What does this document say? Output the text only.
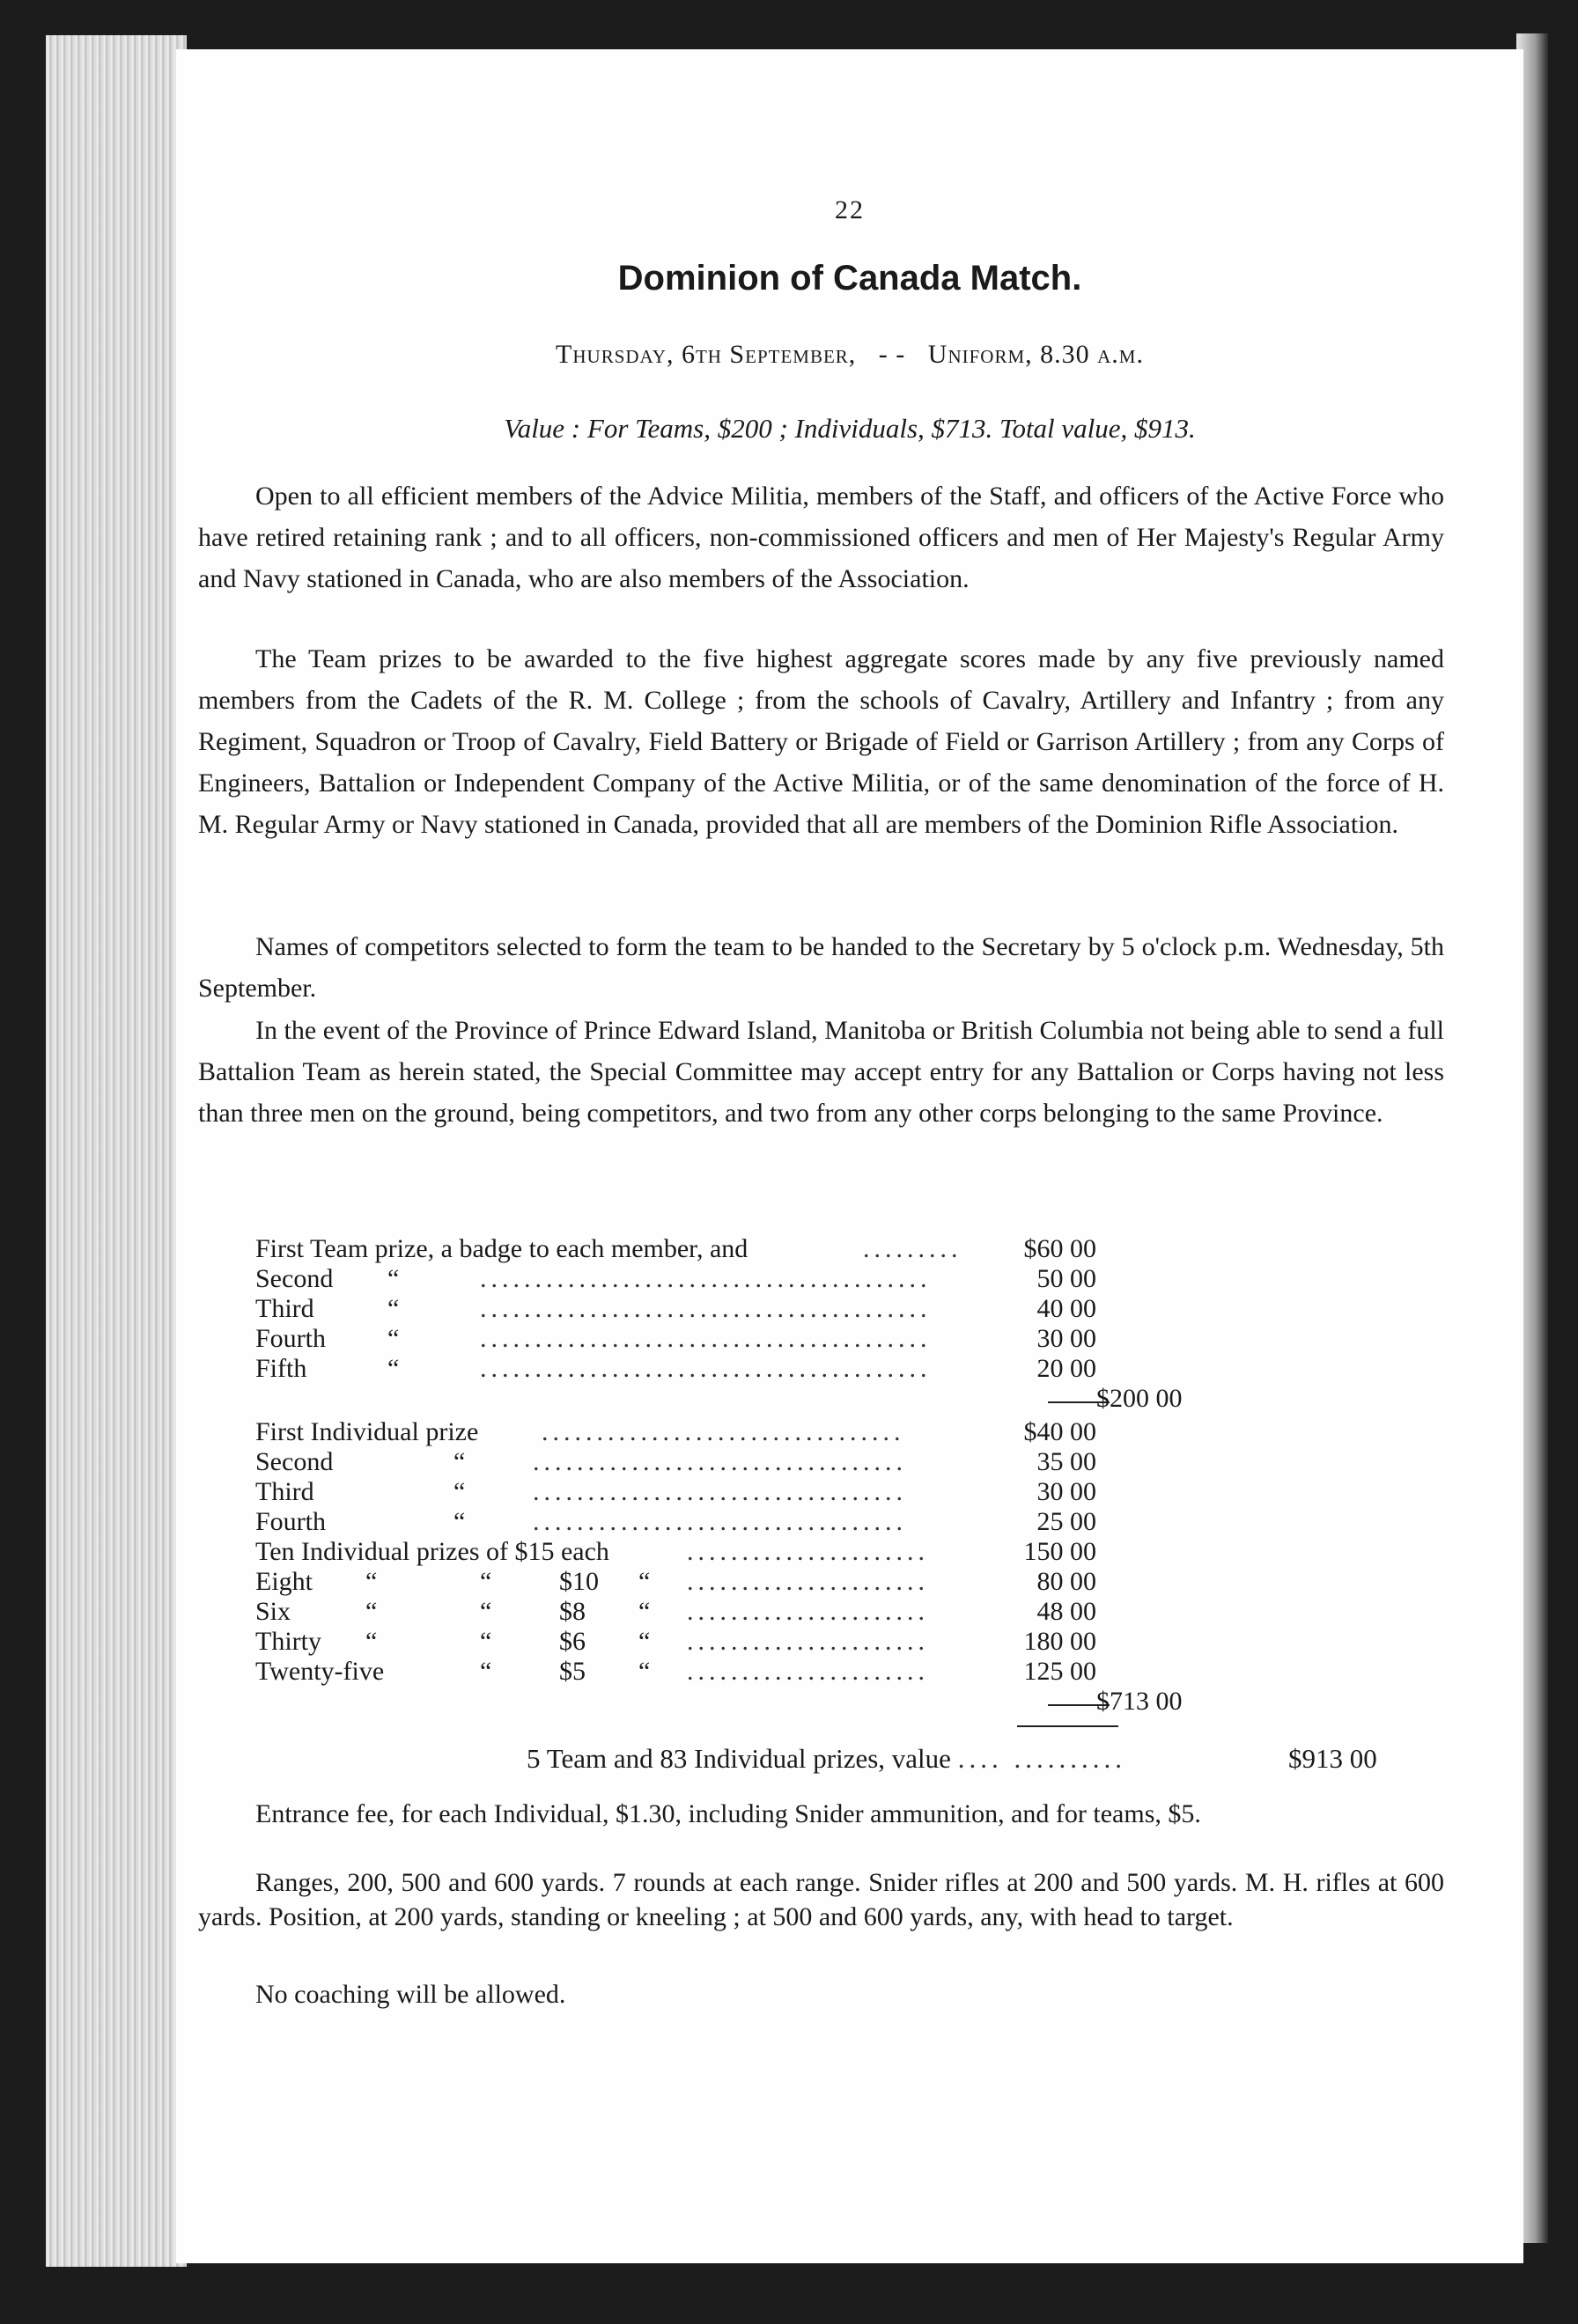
22
Dominion of Canada Match.
Thursday, 6th September, - - Uniform, 8.30 a.m.
Value : For Teams, $200 ; Individuals, $713. Total value, $913.

Open to all efficient members of the Advice Militia, members of the Staff, and officers of the Active Force who have retired retaining rank ; and to all officers, non-commissioned officers and men of Her Majesty's Regular Army and Navy stationed in Canada, who are also members of the Association.

The Team prizes to be awarded to the five highest aggregate scores made by any five previously named members from the Cadets of the R. M. College ; from the schools of Cavalry, Artillery and Infantry ; from any Regiment, Squadron or Troop of Cavalry, Field Battery or Brigade of Field or Garrison Artillery ; from any Corps of Engineers, Battalion or Independent Company of the Active Militia, or of the same denomination of the force of H. M. Regular Army or Navy stationed in Canada, provided that all are members of the Dominion Rifle Association.

Names of competitors selected to form the team to be handed to the Secretary by 5 o'clock p.m. Wednesday, 5th September.

In the event of the Province of Prince Edward Island, Manitoba or British Columbia not being able to send a full Battalion Team as herein stated, the Special Committee may accept entry for any Battalion or Corps having not less than three men on the ground, being competitors, and two from any other corps belonging to the same Province.

First Team prize, a badge to each member, and	.........	$60 00
Second “	.........................................	50 00
Third	“	.........................................	40 00
Fourth “	.........................................	30 00
Fifth	“	.........................................	20 00
$200 00
First Individual prize .................................	$40 00
Second	“	..................................	35 00
Third	“	..................................	30 00
Fourth	“	..................................	25 00
Ten Individual prizes of $15 each	......................	150 00
Eight “	“	$10 “ ......................	80 00
Six	“	“	$8 “ ......................	48 00
Thirty “	“	$6 “ ......................	180 00
Twenty-five	“	$5 “ ......................	125 00
$713 00
5 Team and 83 Individual prizes, value .... ..........	$913 00

Entrance fee, for each Individual, $1.30, including Snider ammunition, and for teams, $5.

Ranges, 200, 500 and 600 yards. 7 rounds at each range. Snider rifles at 200 and 500 yards. M. H. rifles at 600 yards. Position, at 200 yards, standing or kneeling ; at 500 and 600 yards, any, with head to target.

No coaching will be allowed.
